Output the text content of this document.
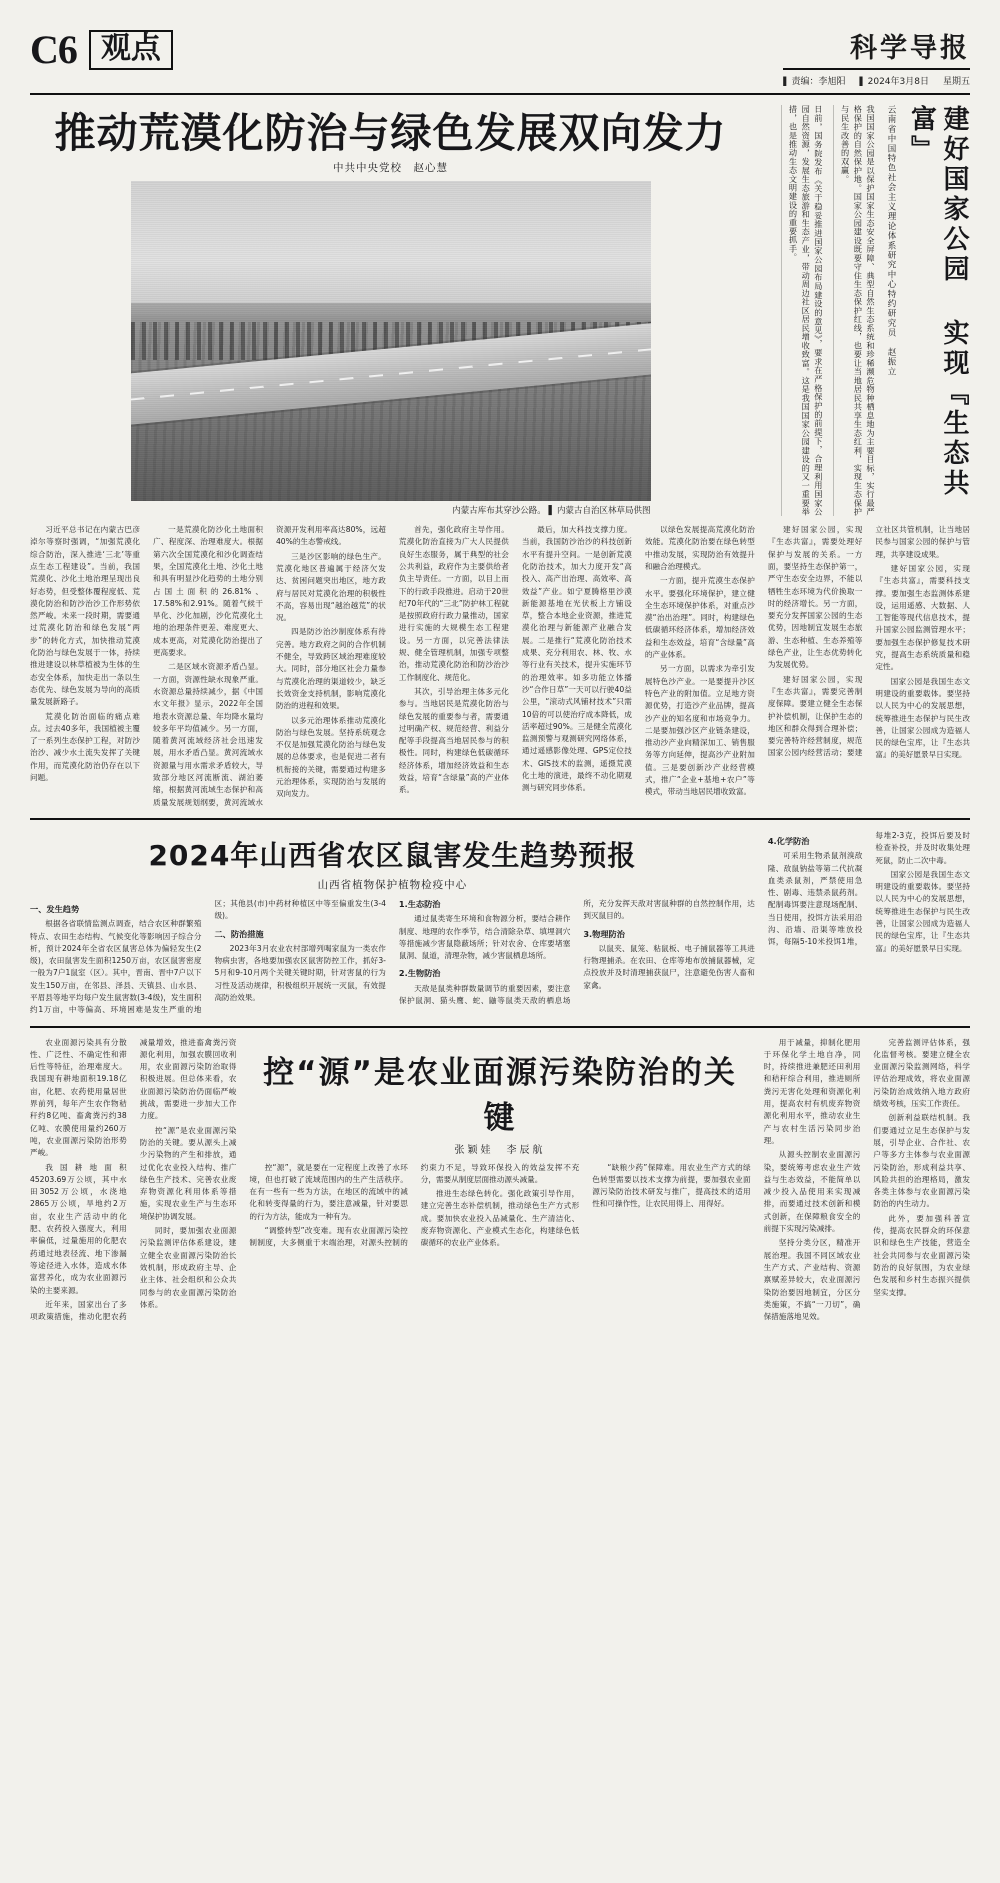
C6 观点	科学导报
▌ 责编：李旭阳	▌ 2024年3月8日 星期五
推动荒漠化防治与绿色发展双向发力
中共中央党校　赵心慧
内蒙古库布其穿沙公路。 ▌ 内蒙古自治区林草局供图	日前，国务院发布《关于稳妥推进国家公园布局建设的意见》，要求在严格保护的前提下，合理利用国家公园自然资源，发展生态旅游和生态产业，带动周边社区居民增收致富。这是我国国家公园建设的又一重要举措，也是推动生态文明建设的重要抓手。	我国国家公园是以保护国家生态安全屏障、典型自然生态系统和珍稀濒危物种栖息地为主要目标，实行最严格保护的自然保护地。国家公园建设既要守住生态保护红线，也要让当地居民共享生态红利，实现生态保护与民生改善的双赢。	云南省中国特色社会主义理论体系研究中心特约研究员　赵振立	建好国家公园 实现『生态共富』

习近平总书记在内蒙古巴彦淖尔等察时强调，“加强荒漠化综合防治，深入推进‘三北’等重点生态工程建设”。当前，我国荒漠化、沙化土地治理呈现出良好态势，但受整体覆程度低、荒漠化防治和防沙治沙工作形势依然严峻。未来一段时期，需要通过荒漠化防治和绿色发展“两步”的转化方式，加快推动荒漠化防治与绿色发展于一体，持续推进建设以林草植被为生体的生态安全体系，加快走出一条以生态优先、绿色发展为导向的高质量发展新路子。

荒漠化防治面临的痛点难点。过去40多年，我国植被主覆了一系列生态保护工程，对防沙治沙、减少水土流失发挥了关键作用，而荒漠化防治仍存在以下问题。

一是荒漠化防沙化土地面积广、程度深、治理难度大。根据第六次全国荒漠化和沙化调查结果，全国荒漠化土地、沙化土地和具有明显沙化趋势的土地分别占国土面积的26.81%、17.58%和2.91%。随着气候干旱化、沙化加剧，沙化荒漠化土地的治理条件更差、难度更大、成本更高，对荒漠化防治提出了更高要求。

二是区域水资源矛盾凸显。一方面，资源性缺水现象严重。水资源总量持续减少，据《中国水文年报》显示，2022年全国地表水资源总量、年均降水量均较多年平均值减少。另一方面，随着黄河流域经济社会迅速发展，用水矛盾凸显。黄河流域水资源量与用水需求矛盾较大，导致部分地区河流断流、湖泊萎缩，根据黄河流域生态保护和高质量发展规划纲要，黄河流域水资源开发利用率高达80%，远超40%的生态警戒线。

三是沙区影响的绿色生产。荒漠化地区普遍属于经济欠发达、贫困问题突出地区，地方政府与居民对荒漠化治理的积极性不高，容易出现“越治越荒”的状况。

四是防沙治沙制度体系有待完善。地方政府之间的合作机制不健全，导致跨区域治理难度较大。同时，部分地区社会力量参与荒漠化治理的渠道较少，缺乏长效资金支持机制，影响荒漠化防治的进程和效果。

以多元治理体系推动荒漠化防治与绿色发展。坚持系统观念不仅是加强荒漠化防治与绿色发展的总体要求，也是促进二者有机衔接的关键，需要通过构建多元治理体系，实现防治与发展的双向发力。

首先，强化政府主导作用。荒漠化防治直接为广大人民提供良好生态服务，属于典型的社会公共利益，政府作为主要供给者负主导责任。一方面，以目上而下的行政手段推进。启动于20世纪70年代的“三北”防护林工程就是按照政府行政力量推动，国家进行实施的大规模生态工程建设。另一方面，以完善法律法规、健全管理机制，加强专项整治，推动荒漠化防治和防沙治沙工作制度化、规范化。

其次，引导治理主体多元化参与。当地居民是荒漠化防治与绿色发展的重要参与者，需要通过明确产权、规范经营、利益分配等手段提高当地居民参与的积极性。同时，构建绿色低碳循环经济体系，增加经济效益和生态效益，培育“含绿量”高的产业体系。

最后，加大科技支撑力度。当前，我国防沙治沙的科技创新水平有提升空间。一是创新荒漠化防治技术，加大力度开发“高投入、高产出治理、高效率、高效益”产业。如宁夏腾格里沙漠新能源基地在光伏板上方铺设草，整合本地企业资源，推进荒漠化治理与新能源产业融合发展。二是推行“荒漠化防治技术成果、充分利用农、林、牧、水等行业有关技术，提升实施环节的治理效率。如多功能立体播沙“合作日草”一天可以行驶40益公里，“滚动式风铺材技术”只需10倍的可以使治疗成本降低，成活率超过90%。三是健全荒漠化监测预警与观测研究网络体系，通过遥感影像处理、GPS定位技术、GIS技术的监测，遥摄荒漠化土地的演进，最终不动化期观测与研究同步体系。

以绿色发展提高荒漠化防治效能。荒漠化防治要在绿色转型中推动发展，实现防治有效提升和融合治理模式。

一方面，提升荒漠生态保护水平。要强化环境保护，建立健全生态环境保护体系，对重点沙漠“治出治理”。同时，构建绿色低碳循环经济体系，增加经济效益和生态效益，培育“含绿量”高的产业体系。

另一方面，以需求为牵引发展特色沙产业。一是要提升沙区特色产业的附加值。立足地方资源优势，打造沙产业品牌，提高沙产业的知名度和市场竞争力。二是要加强沙区产业链条建设，推动沙产业向精深加工、销售服务等方向延伸，提高沙产业附加值。三是要创新沙产业经营模式，推广“企业+基地+农户”等模式，带动当地居民增收致富。

建好国家公园，实现『生态共富』，需要处理好保护与发展的关系。一方面，要坚持生态保护第一，严守生态安全边界，不能以牺牲生态环境为代价换取一时的经济增长。另一方面，要充分发挥国家公园的生态优势，因地制宜发展生态旅游、生态种植、生态养殖等绿色产业，让生态优势转化为发展优势。

建好国家公园，实现『生态共富』，需要完善制度保障。要建立健全生态保护补偿机制，让保护生态的地区和群众得到合理补偿；要完善特许经营制度，规范国家公园内经营活动；要建立社区共管机制，让当地居民参与国家公园的保护与管理，共享建设成果。

建好国家公园，实现『生态共富』，需要科技支撑。要加强生态监测体系建设，运用遥感、大数据、人工智能等现代信息技术，提升国家公园监测管理水平；要加强生态保护修复技术研究，提高生态系统质量和稳定性。

国家公园是我国生态文明建设的重要载体。要坚持以人民为中心的发展思想，统筹推进生态保护与民生改善，让国家公园成为造福人民的绿色宝库，让『生态共富』的美好愿景早日实现。

2024年山西省农区鼠害发生趋势预报
山西省植物保护植物检疫中心
一、发生趋势

根据各省联情监测点调查，结合农区种群繁殖特点、农田生态结构、气候变化等影响因子综合分析，预计2024年全省农区鼠害总体为偏轻发生(2级)，农田鼠害发生面积1250万亩，农区鼠害密度一般为7户1鼠室（区）。其中，晋南、晋中7户以下发生150万亩，在邻县、泽县、天镇县、山水县、平眉县等地平均每户发生鼠害数(3-4级)，发生面积约1万亩，中等偏高、环境困难是发生严重的地区；其他县(市)中药材种植区中等至偏重发生(3-4级)。

二、防治措施

2023年3月农业农村部增列喝家鼠为一类农作物病虫害，各地要加强农区鼠害防控工作，抓好3-5月和9-10月两个关键关键时期，针对害鼠的行为习性及活动规律，积极组织开展统一灭鼠，有效提高防治效果。

1.生态防治

通过鼠类寄生环境和食物源分析，要结合耕作制度、地理的农作季节，结合清除杂草、填埋洞穴等措施减少害鼠隐蔽场所；针对农舍、仓库要堵塞鼠洞、鼠道，清理杂物，减少害鼠栖息场所。

2.生物防治

天敌是鼠类种群数量调节的重要因素，要注意保护鼠洞、猫头鹰、蛇、鼬等鼠类天敌的栖息场所，充分发挥天敌对害鼠种群的自然控制作用，达到灭鼠目的。

3.物理防治

以鼠夹、鼠笼、粘鼠板、电子捕鼠器等工具进行物理捕杀。在农田、仓库等地布放捕鼠器械，定点投放并及时清理捕获鼠尸，注意避免伤害人畜和家禽。

4.化学防治

可采用生物杀鼠剂溴敌隆、敌鼠钠盐等第二代抗凝血类杀鼠剂，严禁使用急性、剧毒、违禁杀鼠药剂。配制毒饵要注意现场配制、当日使用，投饵方法采用沿沟、沿墙、沿渠等堆放投饵，每隔5-10米投饵1堆，每堆2-3克，投饵后要及时检查补投，并及时收集处理死鼠，防止二次中毒。

国家公园是我国生态文明建设的重要载体。要坚持以人民为中心的发展思想，统筹推进生态保护与民生改善，让国家公园成为造福人民的绿色宝库，让『生态共富』的美好愿景早日实现。

农业面源污染具有分散性、广泛性、不确定性和滞后性等特征，治理难度大。我国现有耕地面积19.18亿亩，化肥、农药使用量居世界前列，每年产生农作物秸秆约8亿吨、畜禽粪污约38亿吨、农膜使用量约260万吨，农业面源污染防治形势严峻。

我国耕地面积45203.69万公顷，其中水田3052万公顷，水浇地2865万公顷，旱地约2万亩，农业生产活动中的化肥、农药投入强度大，利用率偏低，过量施用的化肥农药通过地表径流、地下渗漏等途径进入水体，造成水体富营养化，成为农业面源污染的主要来源。

近年来，国家出台了多项政策措施，推动化肥农药减量增效，推进畜禽粪污资源化利用，加强农膜回收利用，农业面源污染防治取得积极进展。但总体来看，农业面源污染防治仍面临严峻挑战，需要进一步加大工作力度。

控“源”是农业面源污染防治的关键。要从源头上减少污染物的产生和排放，通过优化农业投入结构、推广绿色生产技术、完善农业废弃物资源化利用体系等措施，实现农业生产与生态环境保护协调发展。

同时，要加强农业面源污染监测评估体系建设，建立健全农业面源污染防治长效机制，形成政府主导、企业主体、社会组织和公众共同参与的农业面源污染防治体系。

控“源”是农业面源污染防治的关键
张颖娃　李辰航

控“源”，就是要在一定程度上改善了水环境，但也打破了流域范围内的生产生活秩序。在有一些有一些为方法，在地区的流域中的减化和转变得量的行为，要注意减量，针对要思的行为方法，能成为一种有为。

“调整转型”改变难。现有农业面源污染控制制度，大多侧重于末端治理，对源头控制的约束力不足，导致环保投入的效益发挥不充分，需要从制度层面推动源头减量。

推进生态绿色转化。强化政策引导作用，建立完善生态补偿机制，推动绿色生产方式形成。要加快农业投入品减量化、生产清洁化、废弃物资源化、产业模式生态化，构建绿色低碳循环的农业产业体系。

“缺粮少药”保障难。用农业生产方式的绿色转型需要以技术支撑为前提，要加强农业面源污染防治技术研发与推广，提高技术的适用性和可操作性，让农民用得上、用得好。

用于减量，抑制化肥用于环保化学土地自净，同时，持续推进兼肥还田利用和秸秆综合利用，推进厕所粪污无害化处理和资源化利用，提高农村有机废弃物资源化利用水平，推动农业生产与农村生活污染同步治理。

从源头控制农业面源污染，要统筹考虑农业生产效益与生态效益，不能简单以减少投入品使用来实现减排，而要通过技术创新和模式创新，在保障粮食安全的前提下实现污染减排。

坚持分类分区，精准开展治理。我国不同区域农业生产方式、产业结构、资源禀赋差异较大，农业面源污染防治要因地制宜，分区分类施策，不搞“一刀切”，确保措施落地见效。

完善监测评估体系，强化监督考核。要建立健全农业面源污染监测网络，科学评估治理成效，将农业面源污染防治成效纳入地方政府绩效考核，压实工作责任。

创新利益联结机制。我们要通过立足生态保护与发展，引导企业、合作社、农户等多方主体参与农业面源污染防治，形成利益共享、风险共担的治理格局，激发各类主体参与农业面源污染防治的内生动力。

此外，要加强科普宣传，提高农民群众的环保意识和绿色生产技能，营造全社会共同参与农业面源污染防治的良好氛围，为农业绿色发展和乡村生态振兴提供坚实支撑。
